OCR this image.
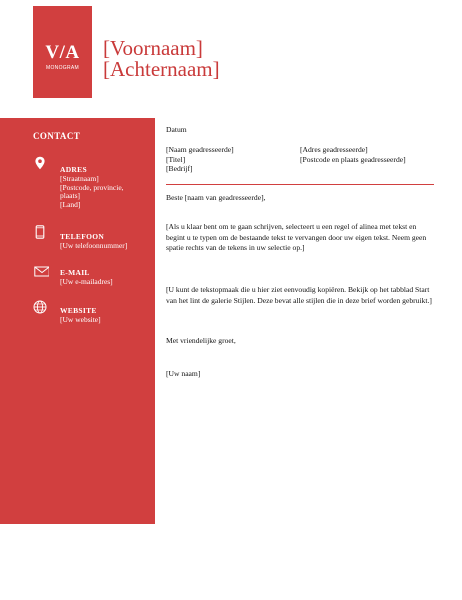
V/A
MONOGRAM
[Voornaam]
[Achternaam]
CONTACT
ADRES
[Straatnaam]
[Postcode, provincie,
plaats]
[Land]
TELEFOON
[Uw telefoonnummer]
E-MAIL
[Uw e-mailadres]
WEBSITE
[Uw website]
Datum
[Naam geadresseerde]
[Titel]
[Bedrijf]
[Adres geadresseerde]
[Postcode en plaats geadresseerde]
Beste [naam van geadresseerde],
[Als u klaar bent om te gaan schrijven, selecteert u een regel of alinea met tekst en begint u te typen om de bestaande tekst te vervangen door uw eigen tekst. Neem geen spatie rechts van de tekens in uw selectie op.]
[U kunt de tekstopmaak die u hier ziet eenvoudig kopiëren. Bekijk op het tabblad Start van het lint de galerie Stijlen. Deze bevat alle stijlen die in deze brief worden gebruikt.]
Met vriendelijke groet,
[Uw naam]
